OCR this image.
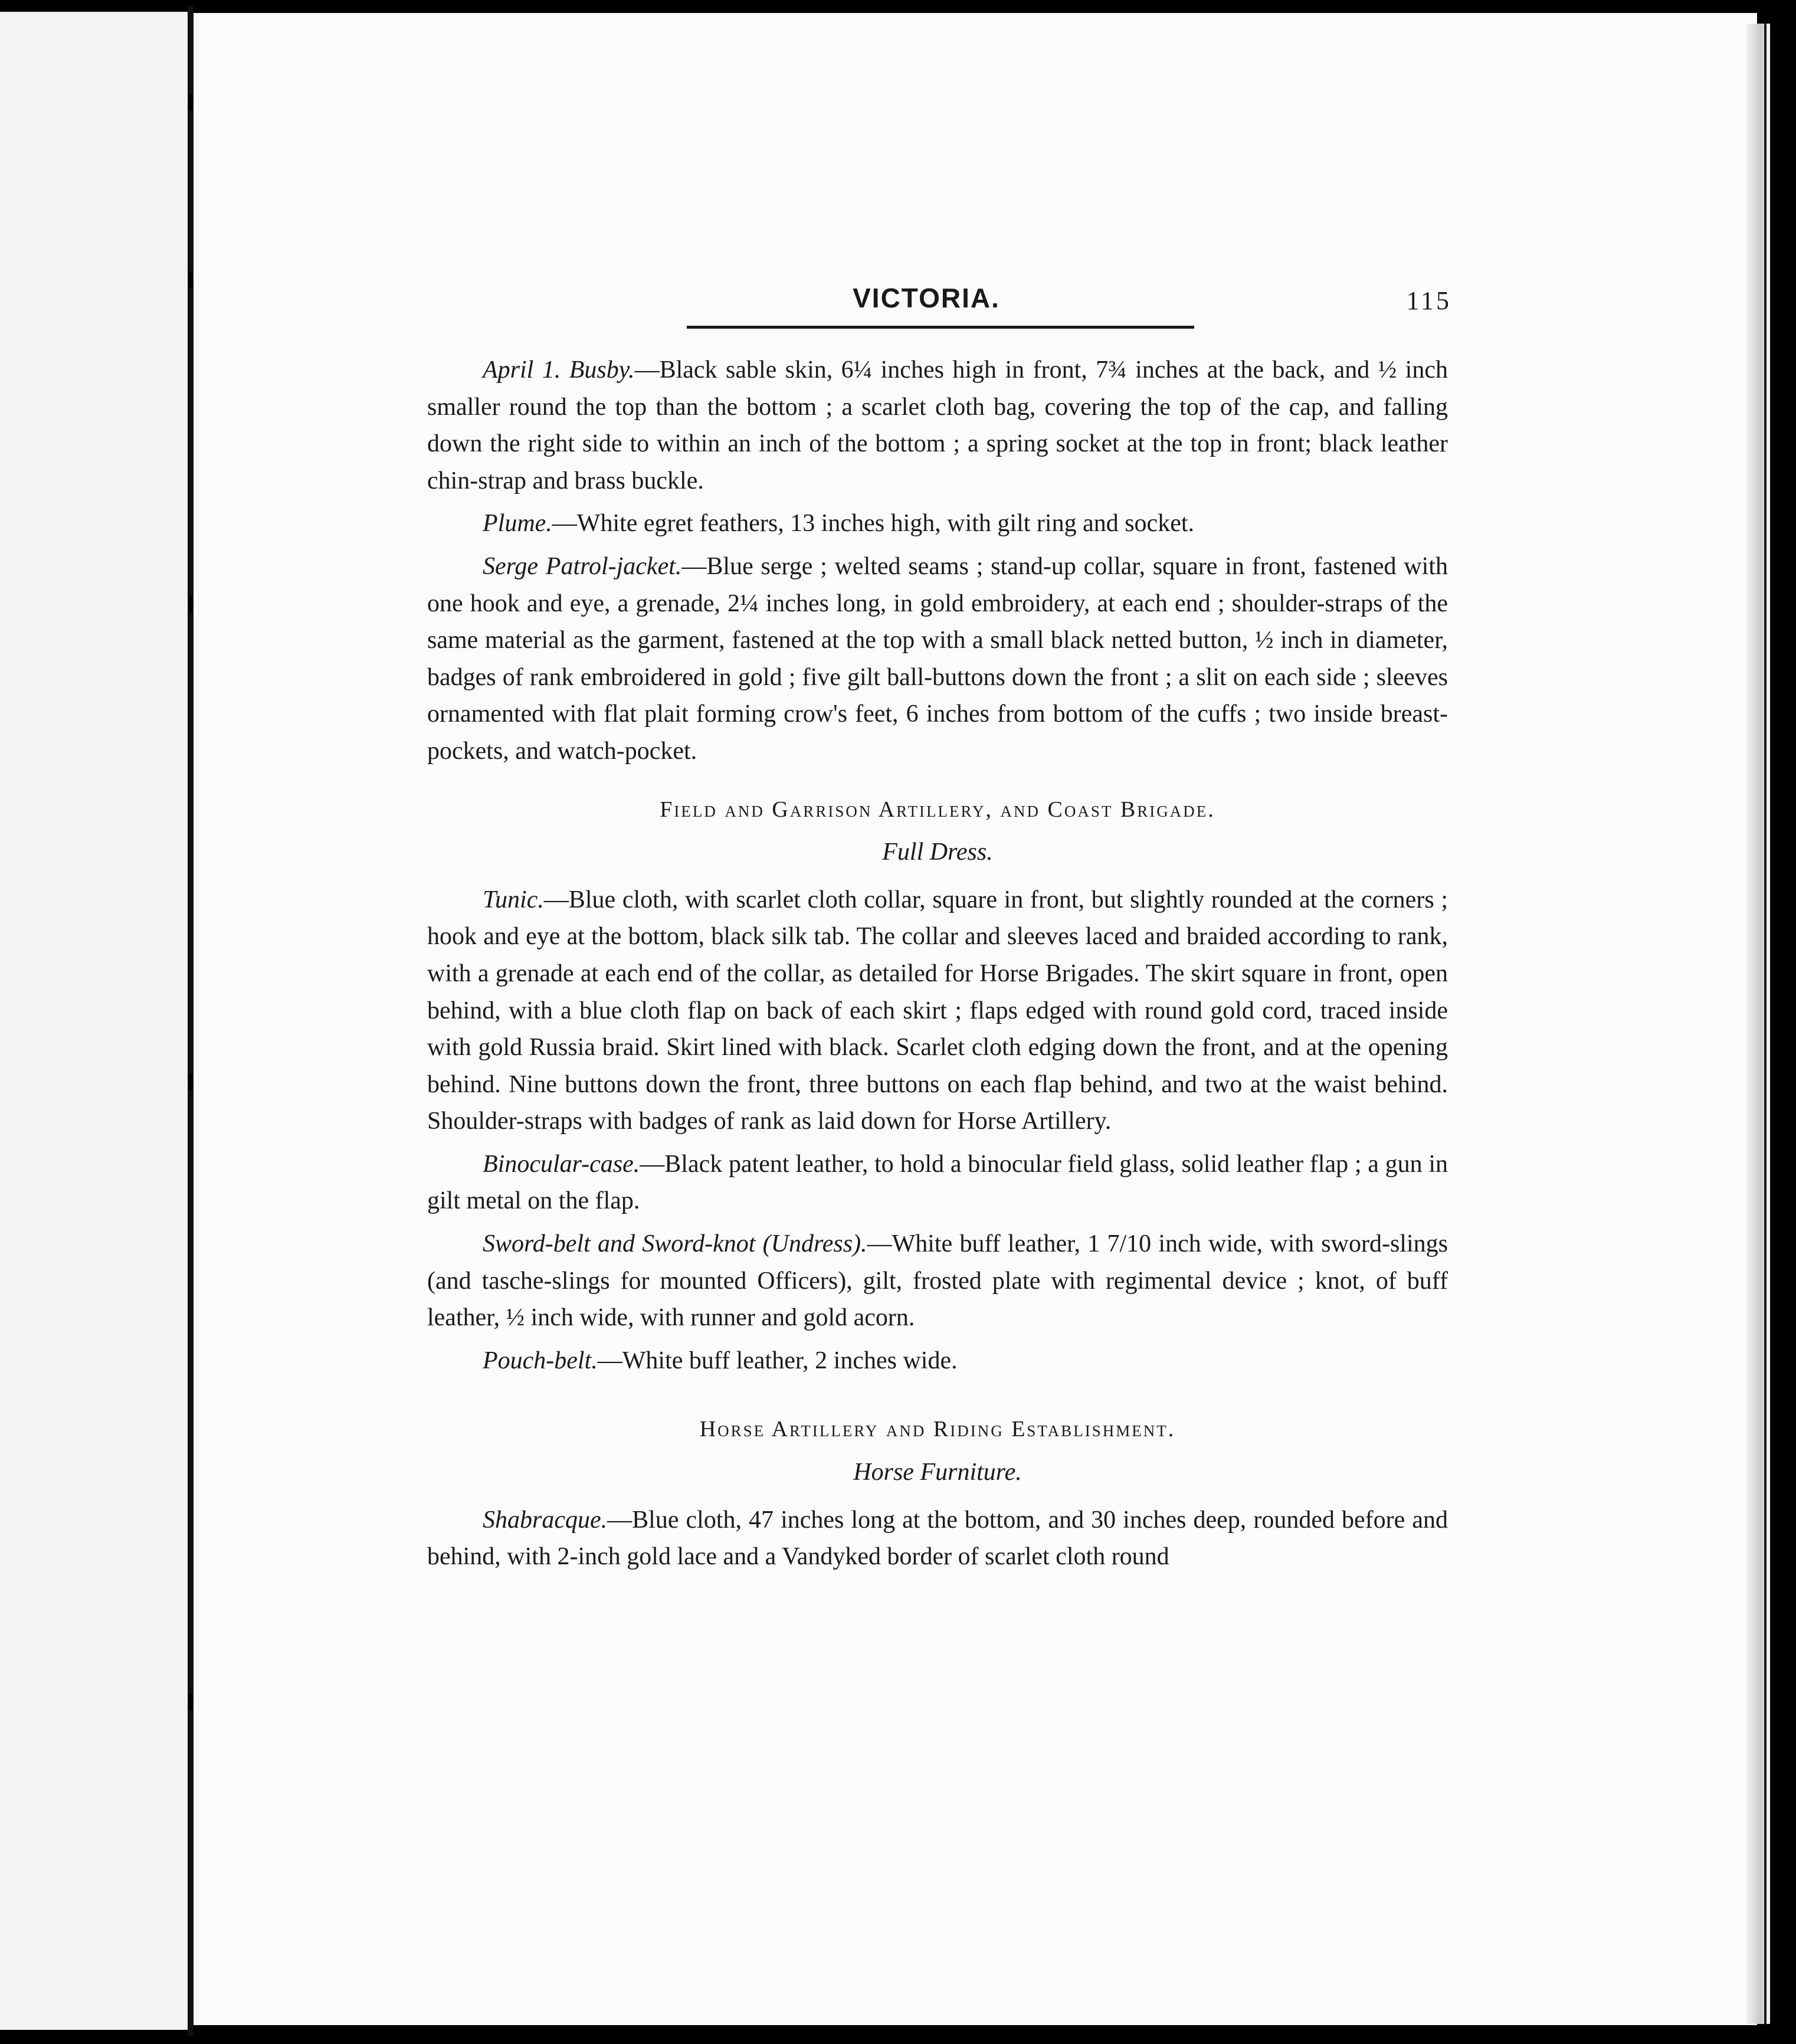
VICTORIA.	115

April 1. Busby.—Black sable skin, 6¼ inches high in front, 7¾ inches at the back, and ½ inch smaller round the top than the bottom ; a scarlet cloth bag, covering the top of the cap, and falling down the right side to within an inch of the bottom ; a spring socket at the top in front; black leather chin-strap and brass buckle.

Plume.—White egret feathers, 13 inches high, with gilt ring and socket.

Serge Patrol-jacket.—Blue serge ; welted seams ; stand-up collar, square in front, fastened with one hook and eye, a grenade, 2¼ inches long, in gold embroidery, at each end ; shoulder-straps of the same material as the garment, fastened at the top with a small black netted button, ½ inch in diameter, badges of rank embroidered in gold ; five gilt ball-buttons down the front ; a slit on each side ; sleeves ornamented with flat plait forming crow's feet, 6 inches from bottom of the cuffs ; two inside breast-pockets, and watch-pocket.

Field and Garrison Artillery, and Coast Brigade.

Full Dress.

Tunic.—Blue cloth, with scarlet cloth collar, square in front, but slightly rounded at the corners ; hook and eye at the bottom, black silk tab. The collar and sleeves laced and braided according to rank, with a grenade at each end of the collar, as detailed for Horse Brigades. The skirt square in front, open behind, with a blue cloth flap on back of each skirt ; flaps edged with round gold cord, traced inside with gold Russia braid. Skirt lined with black. Scarlet cloth edging down the front, and at the opening behind. Nine buttons down the front, three buttons on each flap behind, and two at the waist behind. Shoulder-straps with badges of rank as laid down for Horse Artillery.

Binocular-case.—Black patent leather, to hold a binocular field glass, solid leather flap ; a gun in gilt metal on the flap.

Sword-belt and Sword-knot (Undress).—White buff leather, 1 7/10 inch wide, with sword-slings (and tasche-slings for mounted Officers), gilt, frosted plate with regimental device ; knot, of buff leather, ½ inch wide, with runner and gold acorn.

Pouch-belt.—White buff leather, 2 inches wide.

Horse Artillery and Riding Establishment.

Horse Furniture.

Shabracque.—Blue cloth, 47 inches long at the bottom, and 30 inches deep, rounded before and behind, with 2-inch gold lace and a Vandyked border of scarlet cloth round
